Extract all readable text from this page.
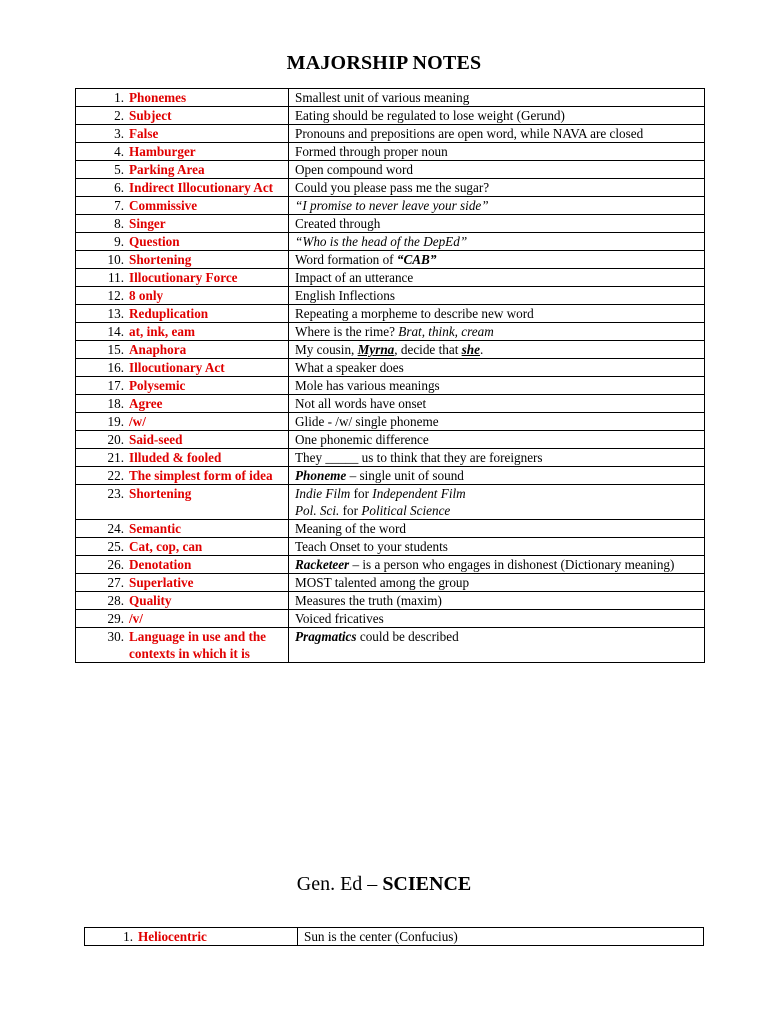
MAJORSHIP NOTES
1. Phonemes	Smallest unit of various meaning

2. Subject	Eating should be regulated to lose weight (Gerund)

3. False	Pronouns and prepositions are open word, while NAVA are closed

4. Hamburger	Formed through proper noun

5. Parking Area	Open compound word

6. Indirect Illocutionary Act	Could you please pass me the sugar?

7. Commissive	“I promise to never leave your side”

8. Singer	Created through

9. Question	“Who is the head of the DepEd”

10. Shortening	Word formation of “CAB”

11. Illocutionary Force	Impact of an utterance

12. 8 only	English Inflections

13. Reduplication	Repeating a morpheme to describe new word

14. at, ink, eam	Where is the rime? Brat, think, cream

15. Anaphora	My cousin, Myrna, decide that she.

16. Illocutionary Act	What a speaker does

17. Polysemic	Mole has various meanings

18. Agree	Not all words have onset

19. /w/	Glide - /w/ single phoneme

20. Said-seed	One phonemic difference

21. Illuded & fooled	They _____ us to think that they are foreigners

22. The simplest form of idea	Phoneme – single unit of sound

23. Shortening	Indie Film for Independent Film
Pol. Sci. for Political Science

24. Semantic	Meaning of the word

25. Cat, cop, can	Teach Onset to your students

26. Denotation	Racketeer – is a person who engages in dishonest (Dictionary meaning)

27. Superlative	MOST talented among the group

28. Quality	Measures the truth (maxim)

29. /v/	Voiced fricatives

30. Language in use and the contexts in which it is	Pragmatics could be described
Gen. Ed – SCIENCE
1. Heliocentric	Sun is the center (Confucius)
